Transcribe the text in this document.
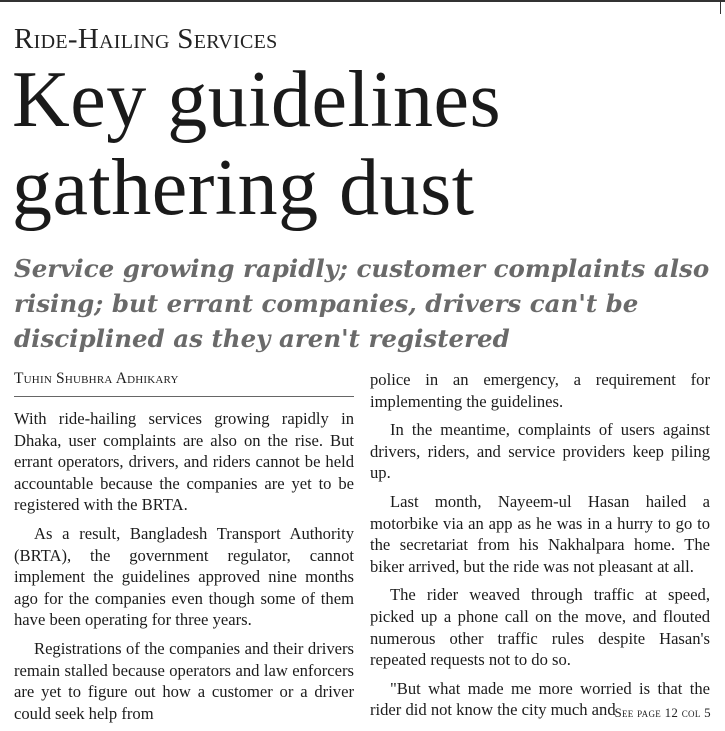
Ride-Hailing Services
Key guidelines
gathering dust
Service growing rapidly; customer complaints also rising; but errant companies, drivers can't be disciplined as they aren't registered
Tuhin Shubhra Adhikary

With ride-hailing services growing rapidly in Dhaka, user complaints are also on the rise. But errant operators, drivers, and riders cannot be held accountable because the companies are yet to be registered with the BRTA.

As a result, Bangladesh Transport Authority (BRTA), the government regulator, cannot implement the guidelines approved nine months ago for the companies even though some of them have been operating for three years.

Registrations of the companies and their drivers remain stalled because operators and law enforcers are yet to figure out how a customer or a driver could seek help from

police in an emergency, a requirement for implementing the guidelines.

In the meantime, complaints of users against drivers, riders, and service providers keep piling up.

Last month, Nayeem-ul Hasan hailed a motorbike via an app as he was in a hurry to go to the secretariat from his Nakhalpara home. The biker arrived, but the ride was not pleasant at all.

The rider weaved through traffic at speed, picked up a phone call on the move, and flouted numerous other traffic rules despite Hasan's repeated requests not to do so.

"But what made me more worried is that the rider did not know the city much and

See page 12 col 5
